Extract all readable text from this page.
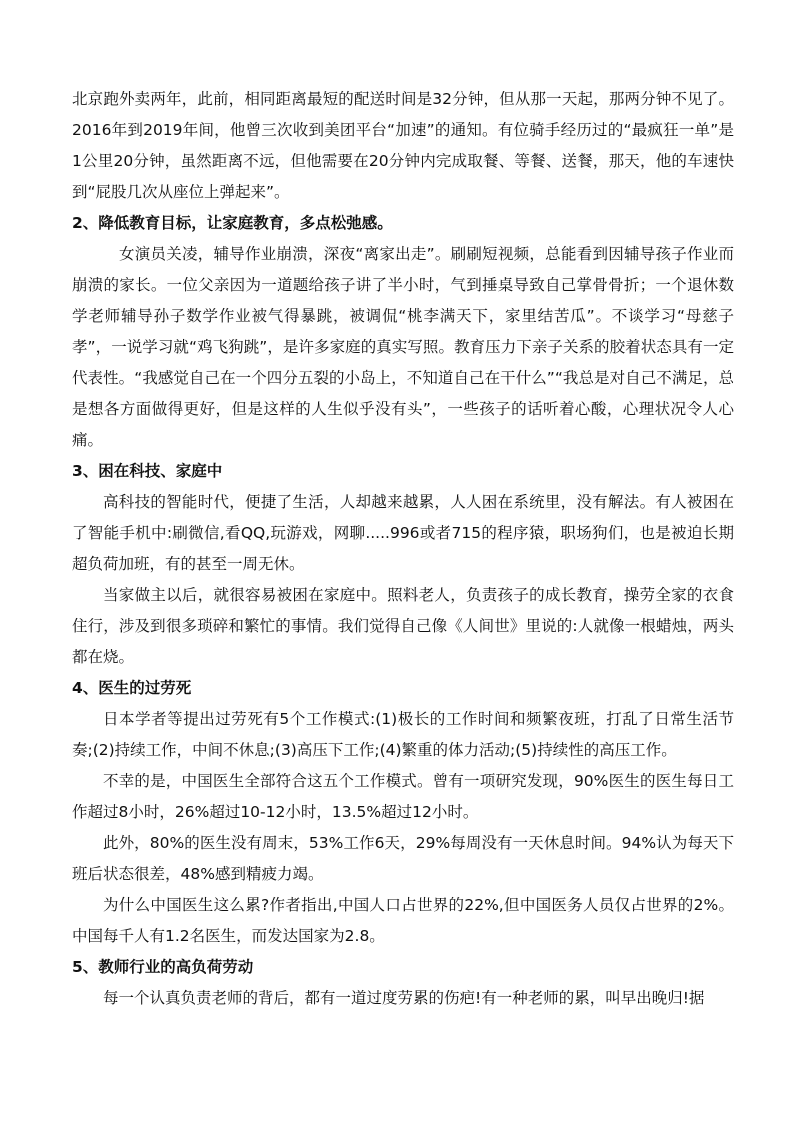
北京跑外卖两年，此前，相同距离最短的配送时间是32分钟，但从那一天起，那两分钟不见了。2016年到2019年间，他曾三次收到美团平台“加速”的通知。有位骑手经历过的“最疯狂一单”是1公里20分钟，虽然距离不远，但他需要在20分钟内完成取餐、等餐、送餐，那天，他的车速快到“屁股几次从座位上弹起来”。

2、降低教育目标，让家庭教育，多点松弛感。

女演员关凌，辅导作业崩溃，深夜“离家出走”。刷刷短视频，总能看到因辅导孩子作业而崩溃的家长。一位父亲因为一道题给孩子讲了半小时，气到捶桌导致自己掌骨骨折；一个退休数学老师辅导孙子数学作业被气得暴跳，被调侃“桃李满天下，家里结苦瓜”。不谈学习“母慈子孝”，一说学习就“鸡飞狗跳”，是许多家庭的真实写照。教育压力下亲子关系的胶着状态具有一定代表性。“我感觉自己在一个四分五裂的小岛上，不知道自己在干什么”“我总是对自己不满足，总是想各方面做得更好，但是这样的人生似乎没有头”，一些孩子的话听着心酸，心理状况令人心痛。

3、困在科技、家庭中

高科技的智能时代，便捷了生活，人却越来越累，人人困在系统里，没有解法。有人被困在了智能手机中:刷微信,看QQ,玩游戏，网聊.....996或者715的程序猿，职场狗们，也是被迫长期超负荷加班，有的甚至一周无休。

当家做主以后，就很容易被困在家庭中。照料老人，负责孩子的成长教育，操劳全家的衣食住行，涉及到很多琐碎和繁忙的事情。我们觉得自己像《人间世》里说的:人就像一根蜡烛，两头都在烧。

4、医生的过劳死

日本学者等提出过劳死有5个工作模式:(1)极长的工作时间和频繁夜班，打乱了日常生活节奏;(2)持续工作，中间不休息;(3)高压下工作;(4)繁重的体力活动;(5)持续性的高压工作。

不幸的是，中国医生全部符合这五个工作模式。曾有一项研究发现，90%医生的医生每日工作超过8小时，26%超过10-12小时，13.5%超过12小时。

此外，80%的医生没有周末，53%工作6天，29%每周没有一天休息时间。94%认为每天下班后状态很差，48%感到精疲力竭。

为什么中国医生这么累?作者指出,中国人口占世界的22%,但中国医务人员仅占世界的2%。中国每千人有1.2名医生，而发达国家为2.8。

5、教师行业的高负荷劳动

每一个认真负责老师的背后，都有一道过度劳累的伤疤!有一种老师的累，叫早出晚归!据
